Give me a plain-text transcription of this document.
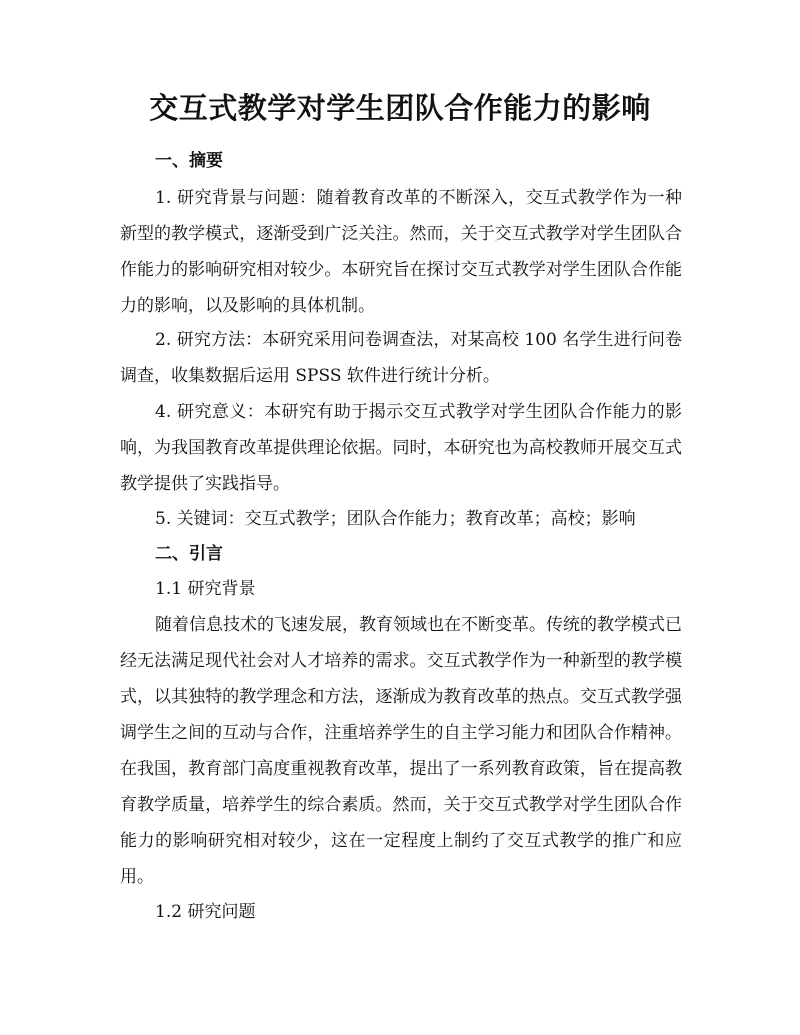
交互式教学对学生团队合作能力的影响
一、摘要
1. 研究背景与问题：随着教育改革的不断深入，交互式教学作为一种新型的教学模式，逐渐受到广泛关注。然而，关于交互式教学对学生团队合作能力的影响研究相对较少。本研究旨在探讨交互式教学对学生团队合作能力的影响，以及影响的具体机制。
2. 研究方法：本研究采用问卷调查法，对某高校 100 名学生进行问卷调查，收集数据后运用 SPSS 软件进行统计分析。
4. 研究意义：本研究有助于揭示交互式教学对学生团队合作能力的影响，为我国教育改革提供理论依据。同时，本研究也为高校教师开展交互式教学提供了实践指导。
5. 关键词：交互式教学；团队合作能力；教育改革；高校；影响
二、引言
1.1 研究背景
随着信息技术的飞速发展，教育领域也在不断变革。传统的教学模式已经无法满足现代社会对人才培养的需求。交互式教学作为一种新型的教学模式，以其独特的教学理念和方法，逐渐成为教育改革的热点。交互式教学强调学生之间的互动与合作，注重培养学生的自主学习能力和团队合作精神。在我国，教育部门高度重视教育改革，提出了一系列教育政策，旨在提高教育教学质量，培养学生的综合素质。然而，关于交互式教学对学生团队合作能力的影响研究相对较少，这在一定程度上制约了交互式教学的推广和应用。
1.2 研究问题
